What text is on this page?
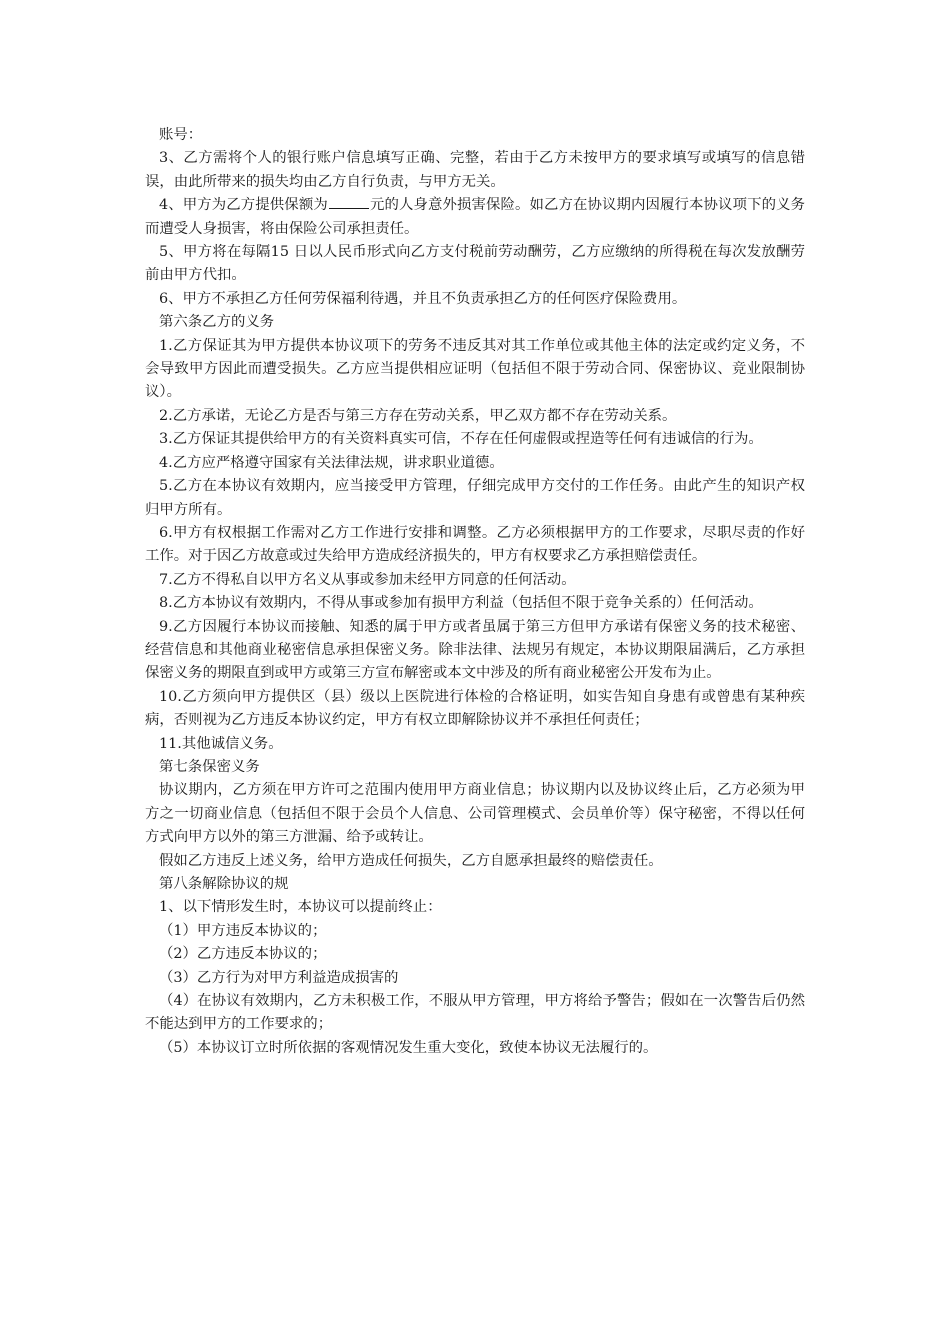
账号：

3、乙方需将个人的银行账户信息填写正确、完整，若由于乙方未按甲方的要求填写或填写的信息错误，由此所带来的损失均由乙方自行负责，与甲方无关。

4、甲方为乙方提供保额为	元的人身意外损害保险。如乙方在协议期内因履行本协议项下的义务而遭受人身损害，将由保险公司承担责任。

5、甲方将在每隔15 日以人民币形式向乙方支付税前劳动酬劳，乙方应缴纳的所得税在每次发放酬劳前由甲方代扣。

6、甲方不承担乙方任何劳保福利待遇，并且不负责承担乙方的任何医疗保险费用。

第六条乙方的义务

1.乙方保证其为甲方提供本协议项下的劳务不违反其对其工作单位或其他主体的法定或约定义务，不会导致甲方因此而遭受损失。乙方应当提供相应证明（包括但不限于劳动合同、保密协议、竞业限制协议）。

2.乙方承诺，无论乙方是否与第三方存在劳动关系，甲乙双方都不存在劳动关系。

3.乙方保证其提供给甲方的有关资料真实可信，不存在任何虚假或捏造等任何有违诚信的行为。

4.乙方应严格遵守国家有关法律法规，讲求职业道德。

5.乙方在本协议有效期内，应当接受甲方管理，仔细完成甲方交付的工作任务。由此产生的知识产权归甲方所有。

6.甲方有权根据工作需对乙方工作进行安排和调整。乙方必须根据甲方的工作要求，尽职尽责的作好工作。对于因乙方故意或过失给甲方造成经济损失的，甲方有权要求乙方承担赔偿责任。

7.乙方不得私自以甲方名义从事或参加未经甲方同意的任何活动。

8.乙方本协议有效期内，不得从事或参加有损甲方利益（包括但不限于竞争关系的）任何活动。

9.乙方因履行本协议而接触、知悉的属于甲方或者虽属于第三方但甲方承诺有保密义务的技术秘密、经营信息和其他商业秘密信息承担保密义务。除非法律、法规另有规定，本协议期限届满后，乙方承担保密义务的期限直到或甲方或第三方宣布解密或本文中涉及的所有商业秘密公开发布为止。

10.乙方须向甲方提供区（县）级以上医院进行体检的合格证明，如实告知自身患有或曾患有某种疾病，否则视为乙方违反本协议约定，甲方有权立即解除协议并不承担任何责任；

11.其他诚信义务。

第七条保密义务

协议期内，乙方须在甲方许可之范围内使用甲方商业信息；协议期内以及协议终止后，乙方必须为甲方之一切商业信息（包括但不限于会员个人信息、公司管理模式、会员单价等）保守秘密，不得以任何方式向甲方以外的第三方泄漏、给予或转让。

假如乙方违反上述义务，给甲方造成任何损失，乙方自愿承担最终的赔偿责任。

第八条解除协议的规

1、以下情形发生时，本协议可以提前终止：

（1）甲方违反本协议的；

（2）乙方违反本协议的；

（3）乙方行为对甲方利益造成损害的

（4）在协议有效期内，乙方未积极工作，不服从甲方管理，甲方将给予警告；假如在一次警告后仍然不能达到甲方的工作要求的；

（5）本协议订立时所依据的客观情况发生重大变化，致使本协议无法履行的。
